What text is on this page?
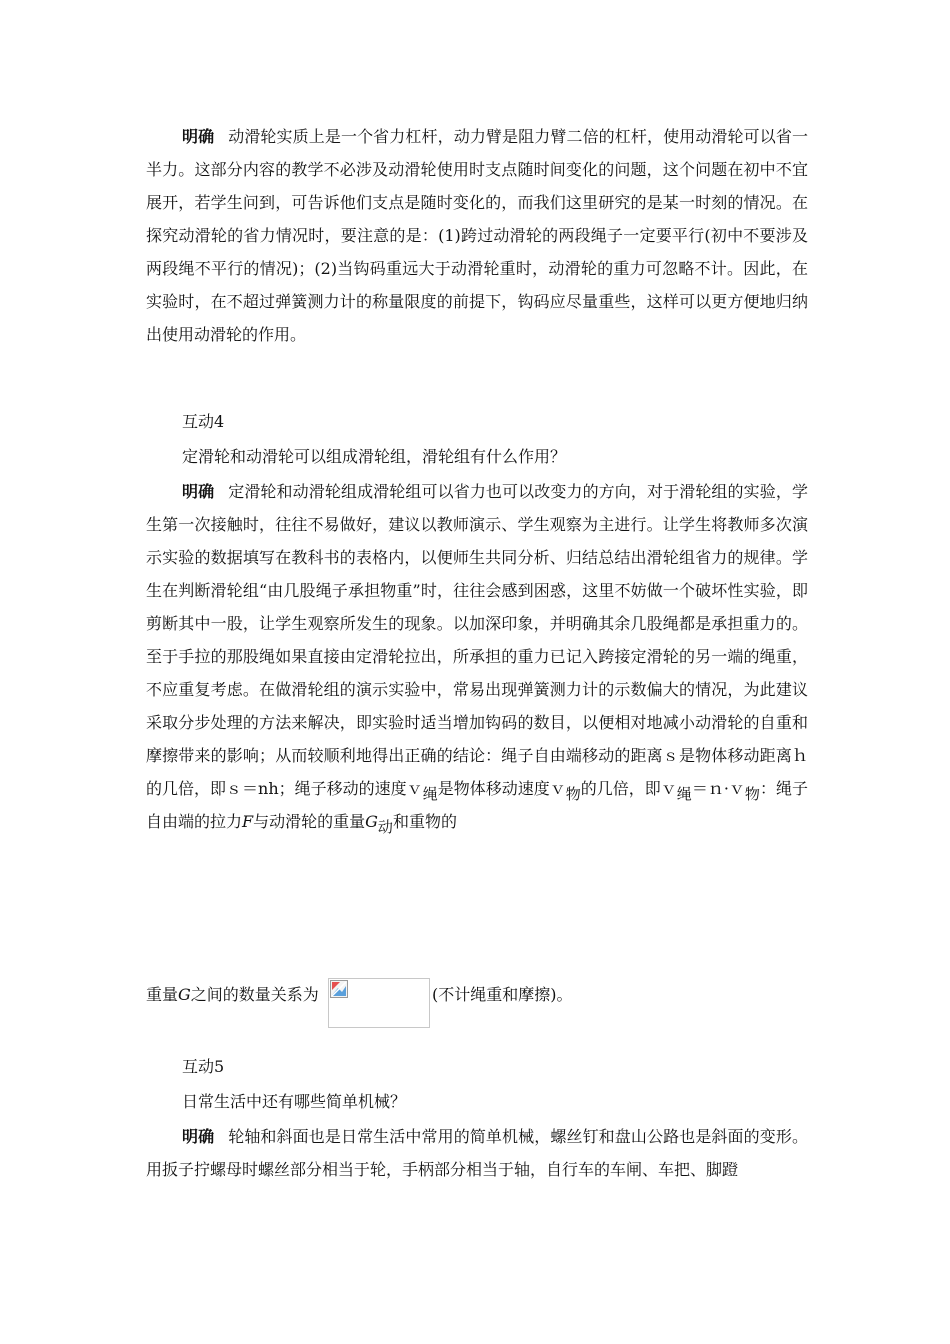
明确 动滑轮实质上是一个省力杠杆，动力臂是阻力臂二倍的杠杆，使用动滑轮可以省一半力。这部分内容的教学不必涉及动滑轮使用时支点随时间变化的问题，这个问题在初中不宜展开，若学生问到，可告诉他们支点是随时变化的，而我们这里研究的是某一时刻的情况。在探究动滑轮的省力情况时，要注意的是：(1)跨过动滑轮的两段绳子一定要平行(初中不要涉及两段绳不平行的情况)；(2)当钩码重远大于动滑轮重时，动滑轮的重力可忽略不计。因此，在实验时，在不超过弹簧测力计的称量限度的前提下，钩码应尽量重些，这样可以更方便地归纳出使用动滑轮的作用。

互动4

定滑轮和动滑轮可以组成滑轮组，滑轮组有什么作用？

明确 定滑轮和动滑轮组成滑轮组可以省力也可以改变力的方向，对于滑轮组的实验，学生第一次接触时，往往不易做好，建议以教师演示、学生观察为主进行。让学生将教师多次演示实验的数据填写在教科书的表格内，以便师生共同分析、归结总结出滑轮组省力的规律。学生在判断滑轮组“由几股绳子承担物重”时，往往会感到困惑，这里不妨做一个破坏性实验，即剪断其中一股，让学生观察所发生的现象。以加深印象，并明确其余几股绳都是承担重力的。至于手拉的那股绳如果直接由定滑轮拉出，所承担的重力已记入跨接定滑轮的另一端的绳重，不应重复考虑。在做滑轮组的演示实验中，常易出现弹簧测力计的示数偏大的情况，为此建议采取分步处理的方法来解决，即实验时适当增加钩码的数目，以便相对地减小动滑轮的自重和摩擦带来的影响；从而较顺利地得出正确的结论：绳子自由端移动的距离ｓ是物体移动距离ｈ的几倍，即ｓ＝nh；绳子移动的速度ｖ$_绳$是物体移动速度ｖ$_物$的几倍，即ｖ$_绳$＝ｎ·ｖ$_物$：绳子自由端的拉力F与动滑轮的重量$G_动$和重物的

重量G之间的数量关系为	(不计绳重和摩擦)。

互动5

日常生活中还有哪些简单机械？

明确 轮轴和斜面也是日常生活中常用的简单机械，螺丝钉和盘山公路也是斜面的变形。用扳子拧螺母时螺丝部分相当于轮，手柄部分相当于轴，自行车的车闸、车把、脚蹬
